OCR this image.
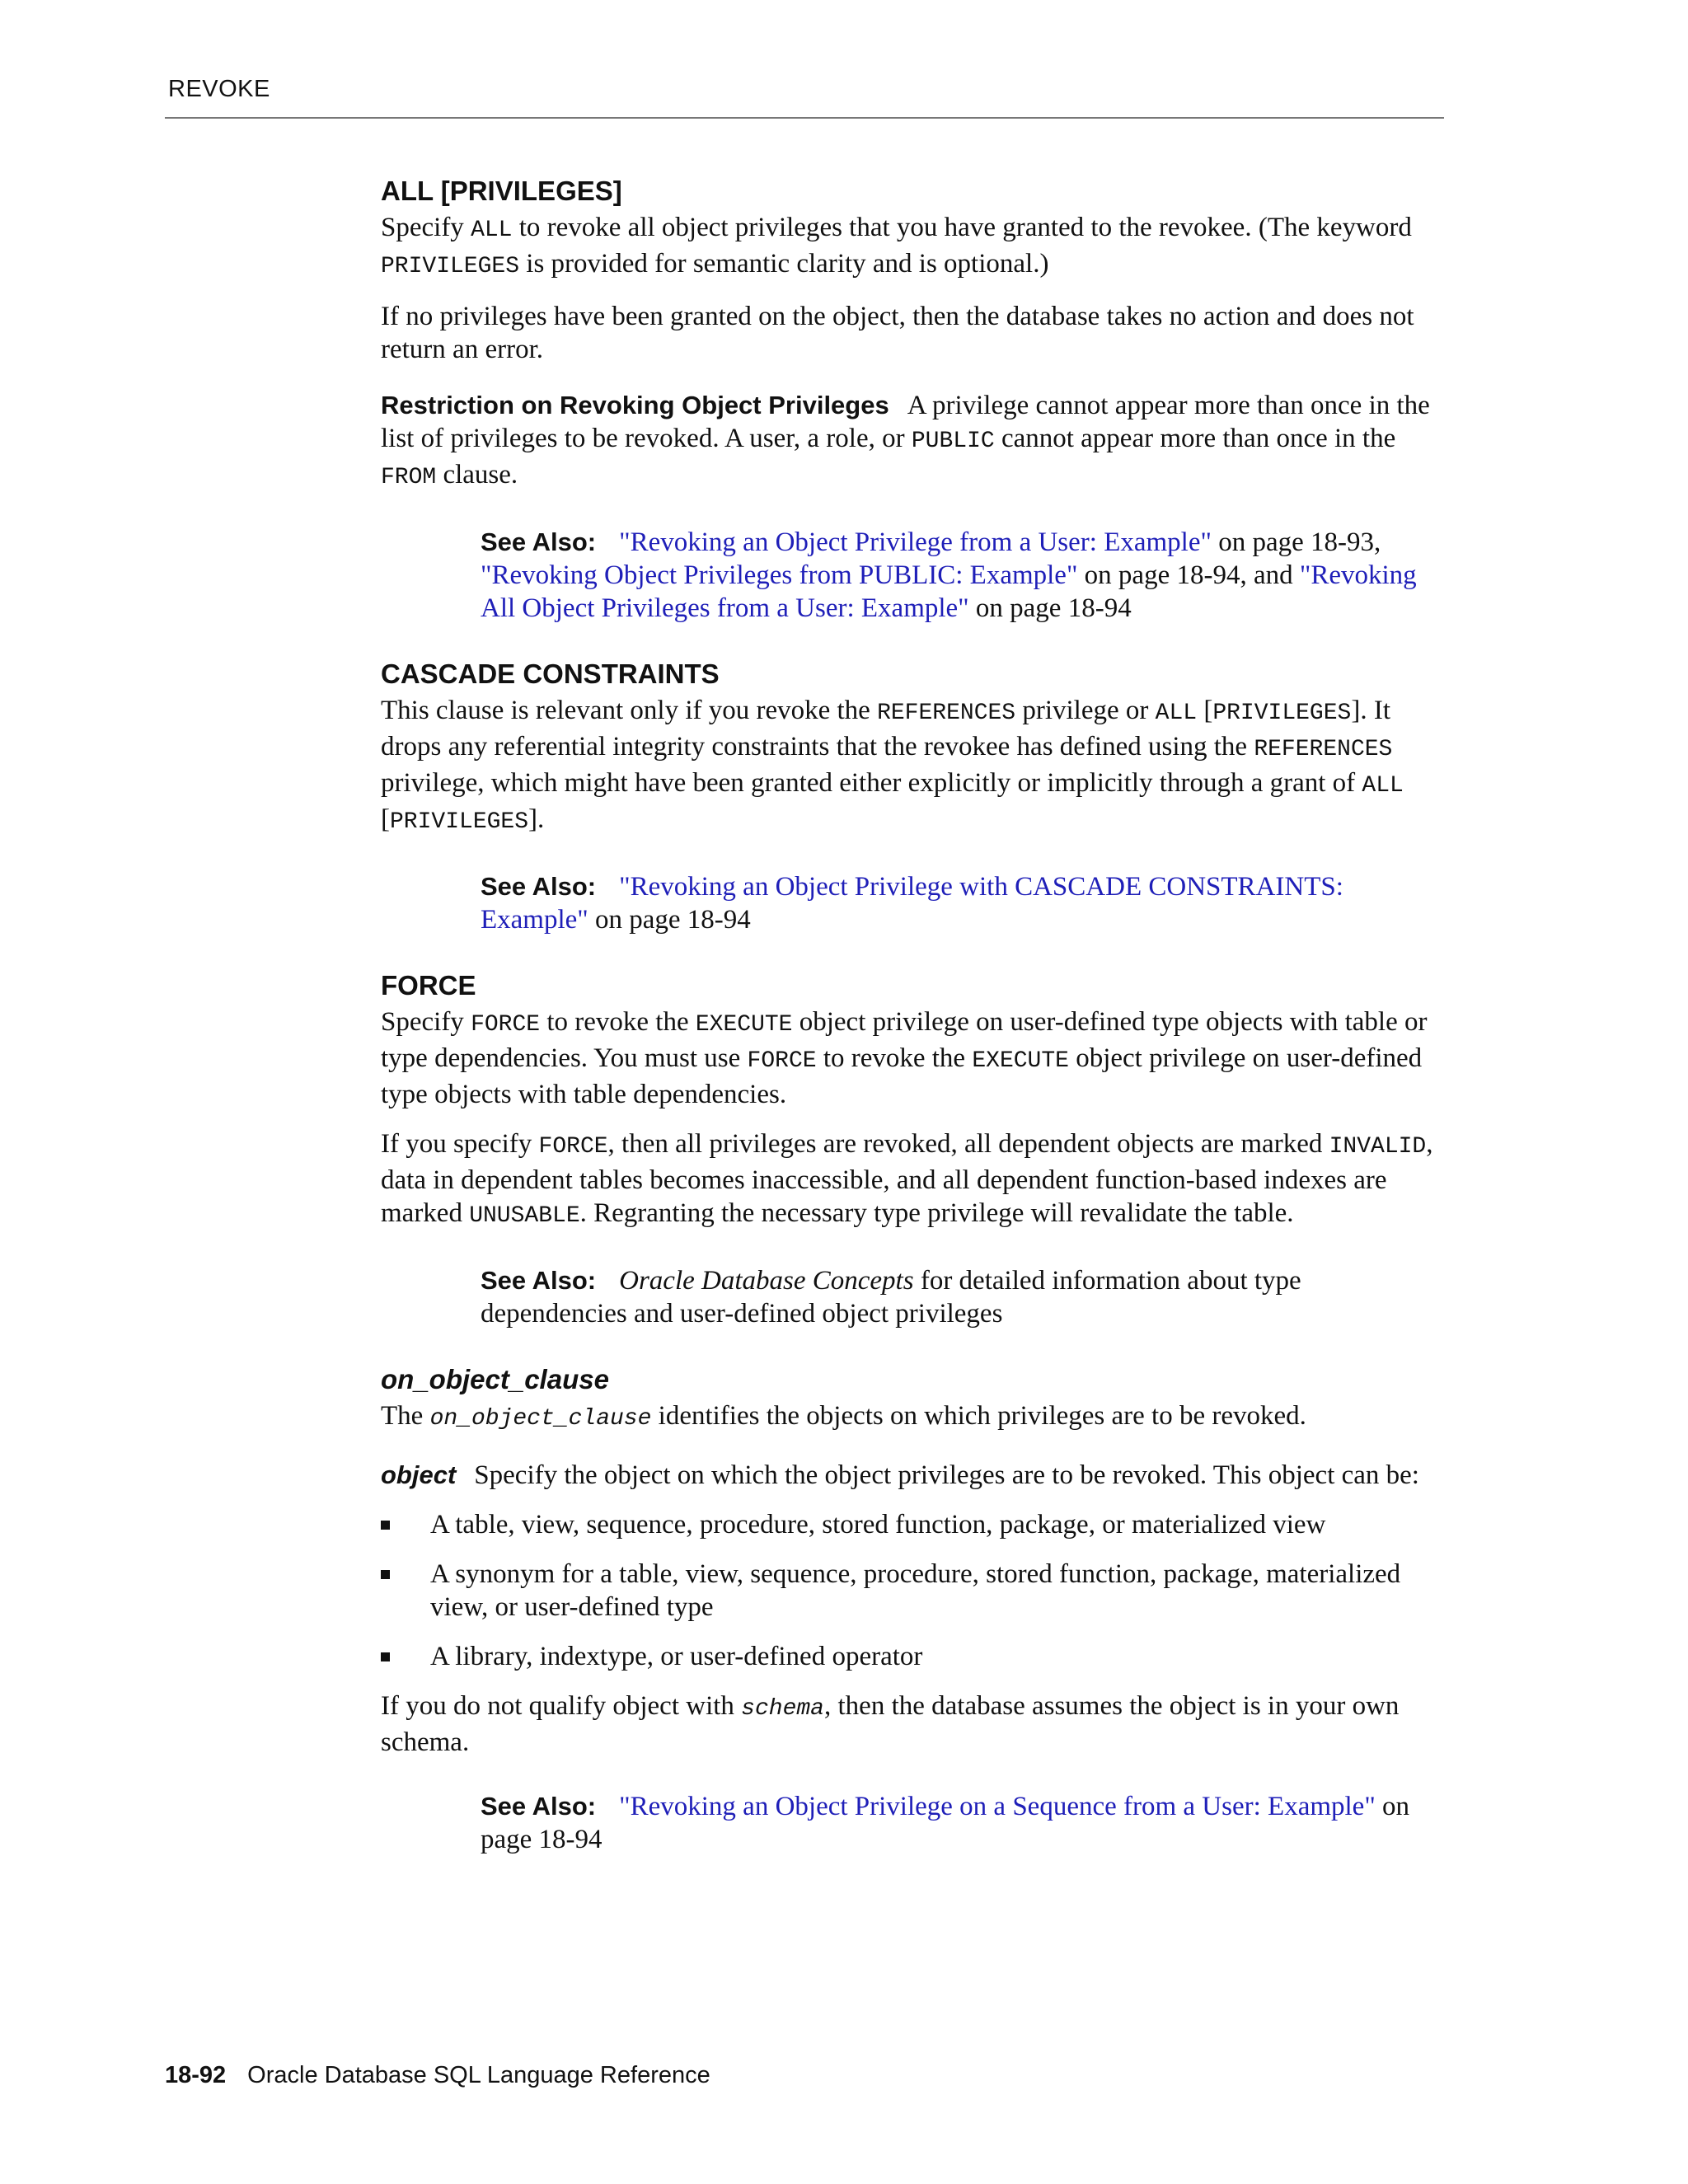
REVOKE
ALL [PRIVILEGES]

Specify ALL to revoke all object privileges that you have granted to the revokee. (The keyword PRIVILEGES is provided for semantic clarity and is optional.)

If no privileges have been granted on the object, then the database takes no action and does not return an error.

Restriction on Revoking Object Privileges A privilege cannot appear more than once in the list of privileges to be revoked. A user, a role, or PUBLIC cannot appear more than once in the FROM clause.

See Also: "Revoking an Object Privilege from a User: Example" on page 18-93, "Revoking Object Privileges from PUBLIC: Example" on page 18-94, and "Revoking All Object Privileges from a User: Example" on page 18-94
CASCADE CONSTRAINTS

This clause is relevant only if you revoke the REFERENCES privilege or ALL [PRIVILEGES]. It drops any referential integrity constraints that the revokee has defined using the REFERENCES privilege, which might have been granted either explicitly or implicitly through a grant of ALL [PRIVILEGES].

See Also: "Revoking an Object Privilege with CASCADE CONSTRAINTS: Example" on page 18-94
FORCE

Specify FORCE to revoke the EXECUTE object privilege on user-defined type objects with table or type dependencies. You must use FORCE to revoke the EXECUTE object privilege on user-defined type objects with table dependencies.

If you specify FORCE, then all privileges are revoked, all dependent objects are marked INVALID, data in dependent tables becomes inaccessible, and all dependent function-based indexes are marked UNUSABLE. Regranting the necessary type privilege will revalidate the table.

See Also: Oracle Database Concepts for detailed information about type dependencies and user-defined object privileges
on_object_clause

The on_object_clause identifies the objects on which privileges are to be revoked.

object Specify the object on which the object privileges are to be revoked. This object can be:

A table, view, sequence, procedure, stored function, package, or materialized view
A synonym for a table, view, sequence, procedure, stored function, package, materialized view, or user-defined type
A library, indextype, or user-defined operator

If you do not qualify object with schema, then the database assumes the object is in your own schema.

See Also: "Revoking an Object Privilege on a Sequence from a User: Example" on page 18-94
18-92 Oracle Database SQL Language Reference
